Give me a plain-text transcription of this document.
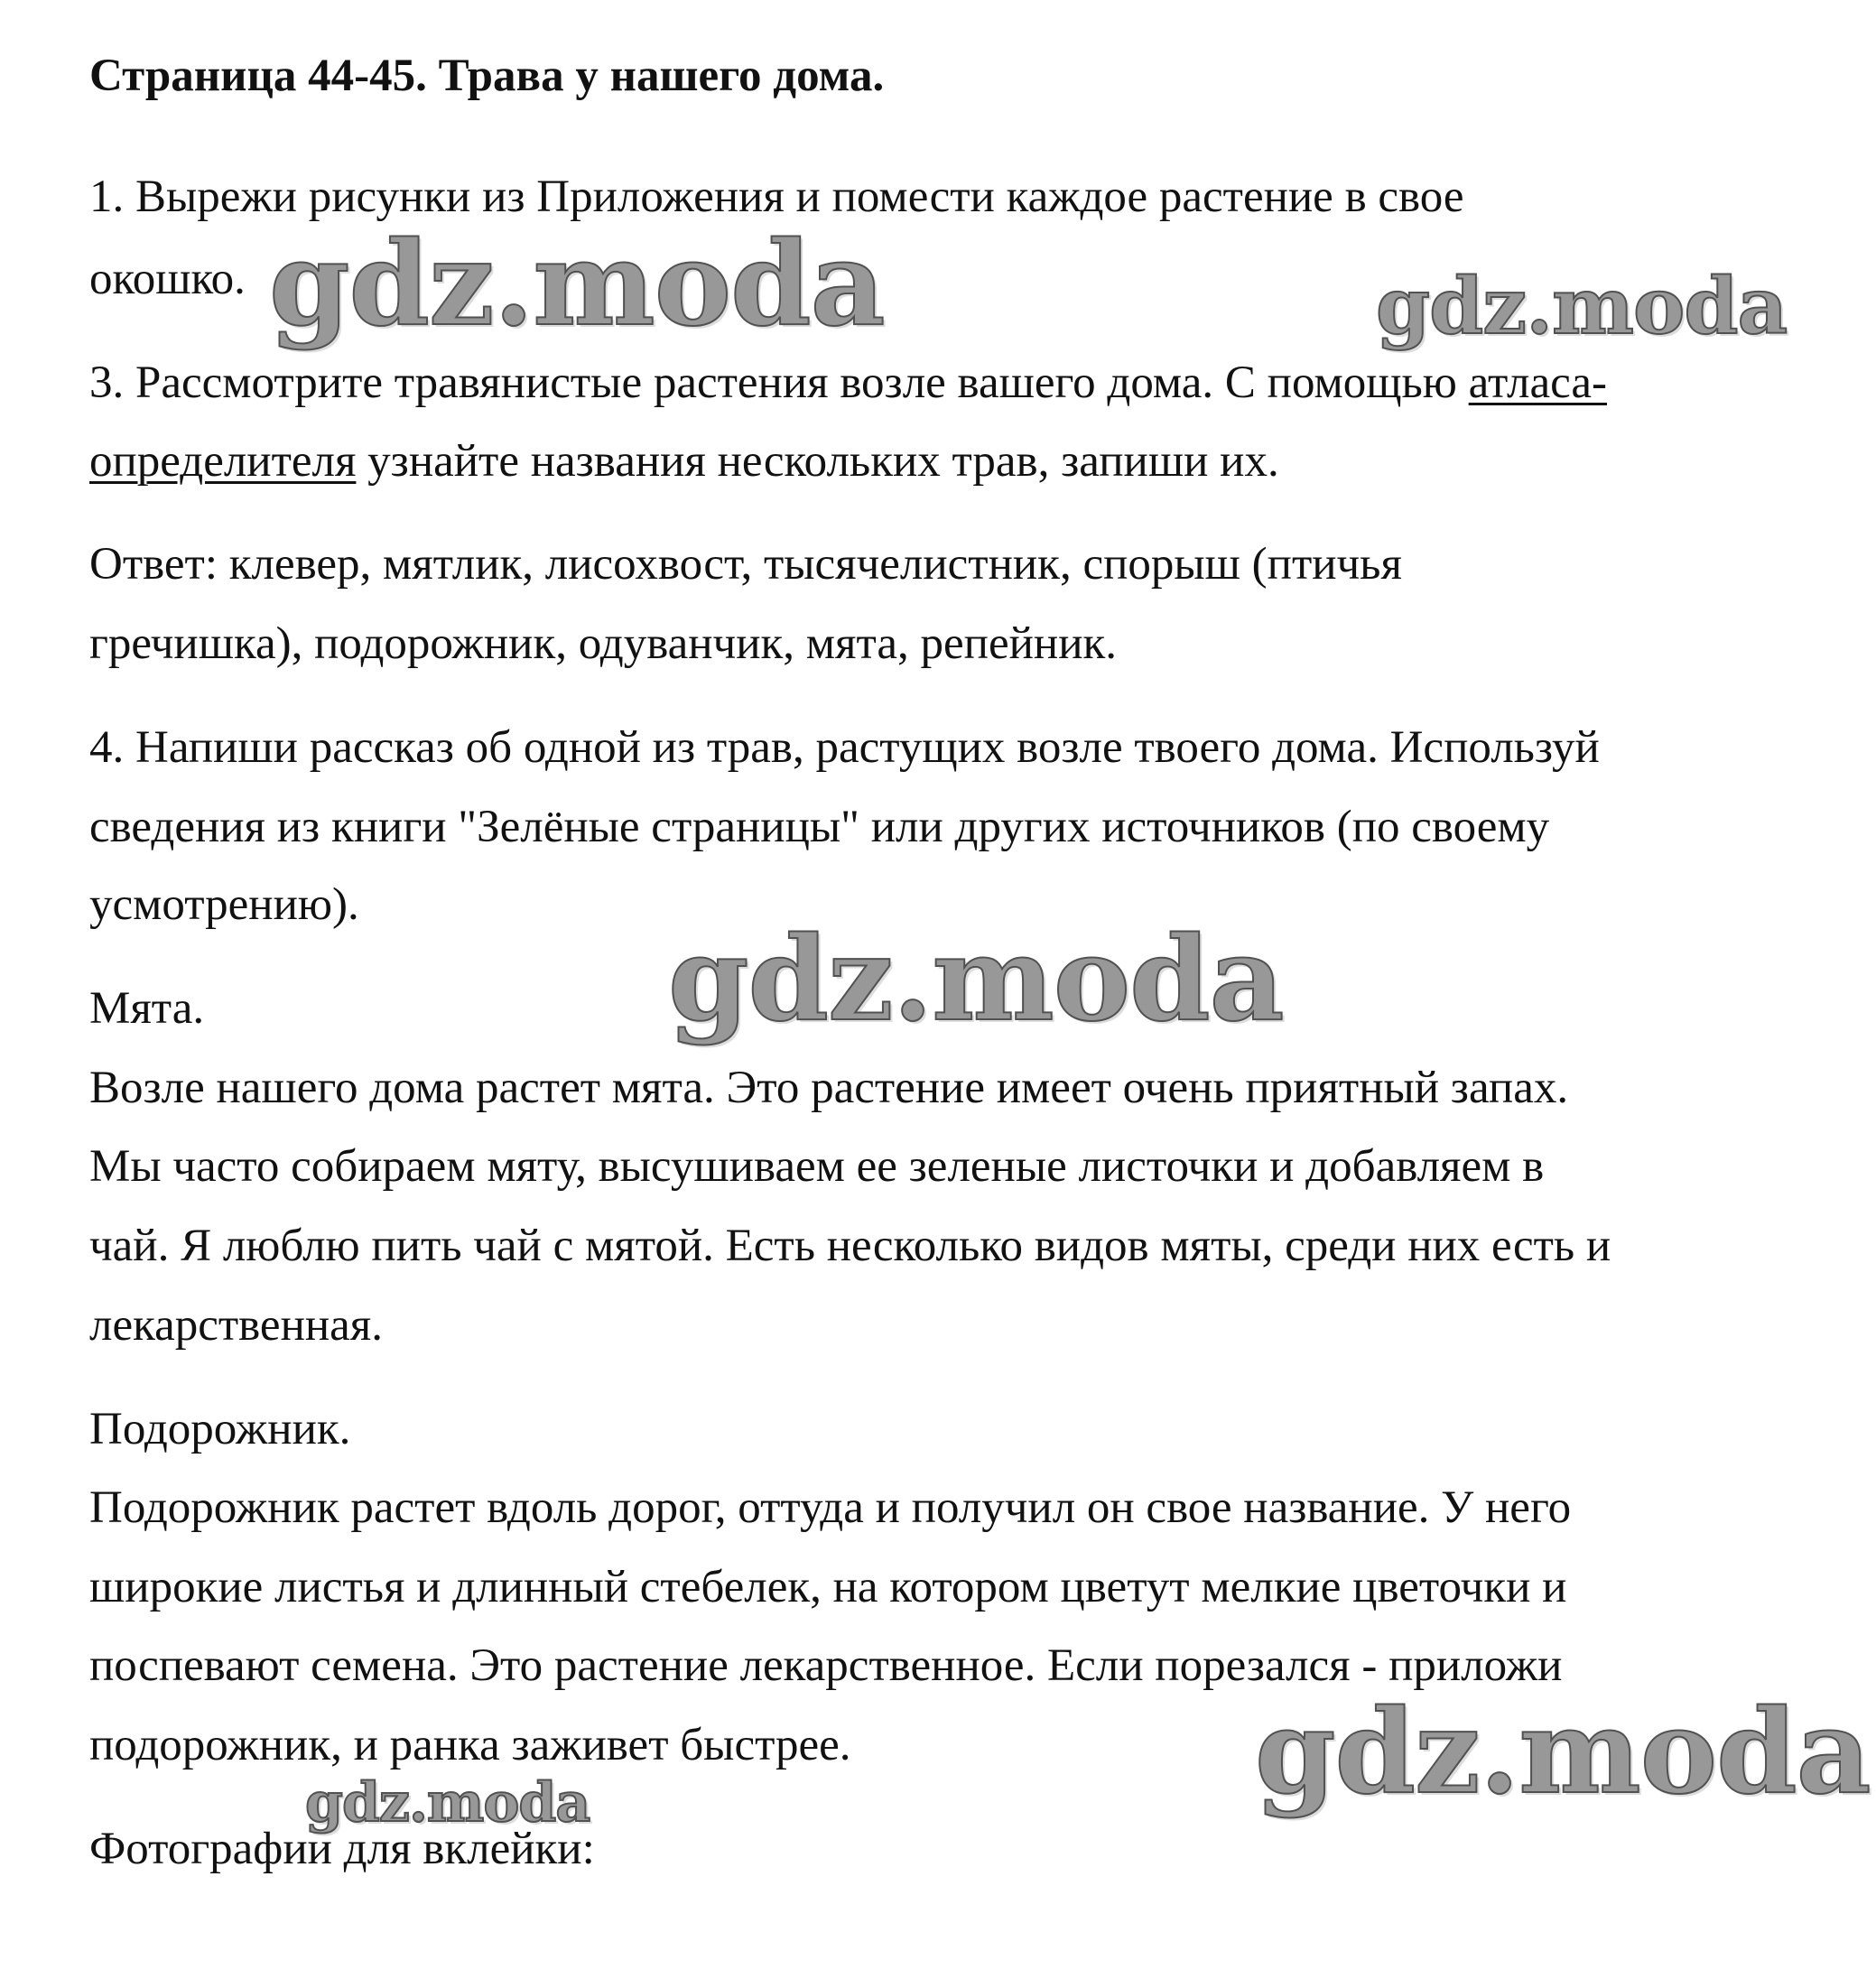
Страница 44-45. Трава у нашего дома.

1. Вырежи рисунки из Приложения и помести каждое растение в свое

окошко.

3. Рассмотрите травянистые растения возле вашего дома. С помощью атласа-

определителя узнайте названия нескольких трав, запиши их.

Ответ: клевер, мятлик, лисохвост, тысячелистник, спорыш (птичья

гречишка), подорожник, одуванчик, мята, репейник.

4. Напиши рассказ об одной из трав, растущих возле твоего дома. Используй

сведения из книги "Зелёные страницы" или других источников (по своему

усмотрению).

Мята.

Возле нашего дома растет мята. Это растение имеет очень приятный запах.

Мы часто собираем мяту, высушиваем ее зеленые листочки и добавляем в

чай. Я люблю пить чай с мятой. Есть несколько видов мяты, среди них есть и

лекарственная.

Подорожник.

Подорожник растет вдоль дорог, оттуда и получил он свое название. У него

широкие листья и длинный стебелек, на котором цветут мелкие цветочки и

поспевают семена. Это растение лекарственное. Если порезался - приложи

подорожник, и ранка заживет быстрее.

Фотографии для вклейки:

gdz.moda	gdz.moda
gdz.moda
gdz.moda
gdz.moda
